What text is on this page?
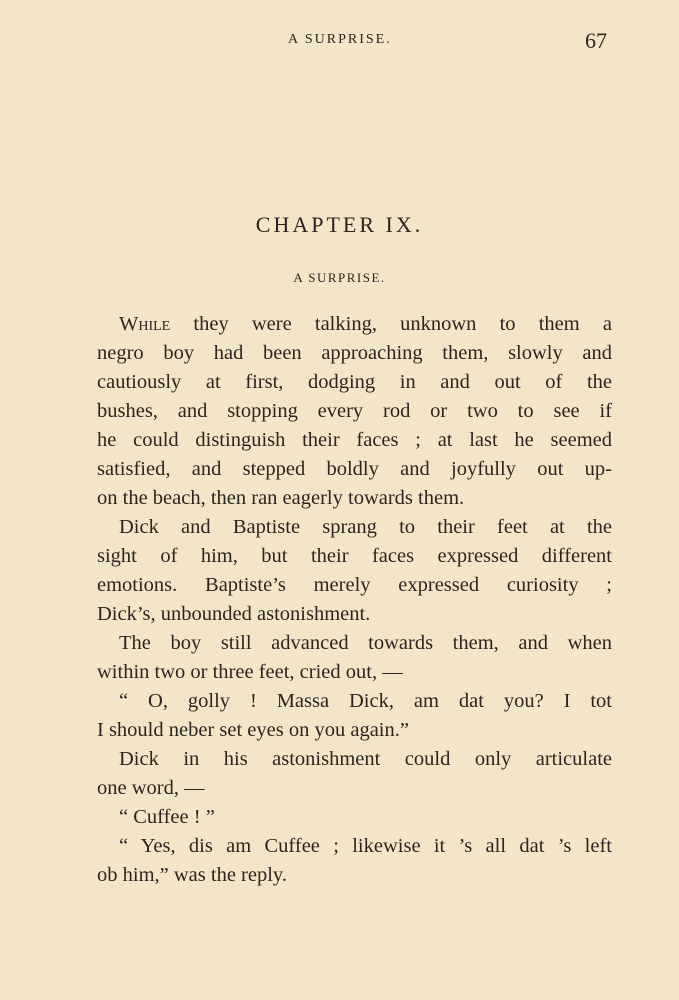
A SURPRISE.	67
CHAPTER IX.
A SURPRISE.
While they were talking, unknown to them a
negro boy had been approaching them, slowly and
cautiously at first, dodging in and out of the
bushes, and stopping every rod or two to see if
he could distinguish their faces ; at last he seemed
satisfied, and stepped boldly and joyfully out up-
on the beach, then ran eagerly towards them.
Dick and Baptiste sprang to their feet at the
sight of him, but their faces expressed different
emotions. Baptiste’s merely expressed curiosity ;
Dick’s, unbounded astonishment.
The boy still advanced towards them, and when
within two or three feet, cried out, —
“ O, golly ! Massa Dick, am dat you? I tot
I should neber set eyes on you again.”
Dick in his astonishment could only articulate
one word, —
“ Cuffee ! ”
“ Yes, dis am Cuffee ; likewise it ’s all dat ’s left
ob him,” was the reply.
